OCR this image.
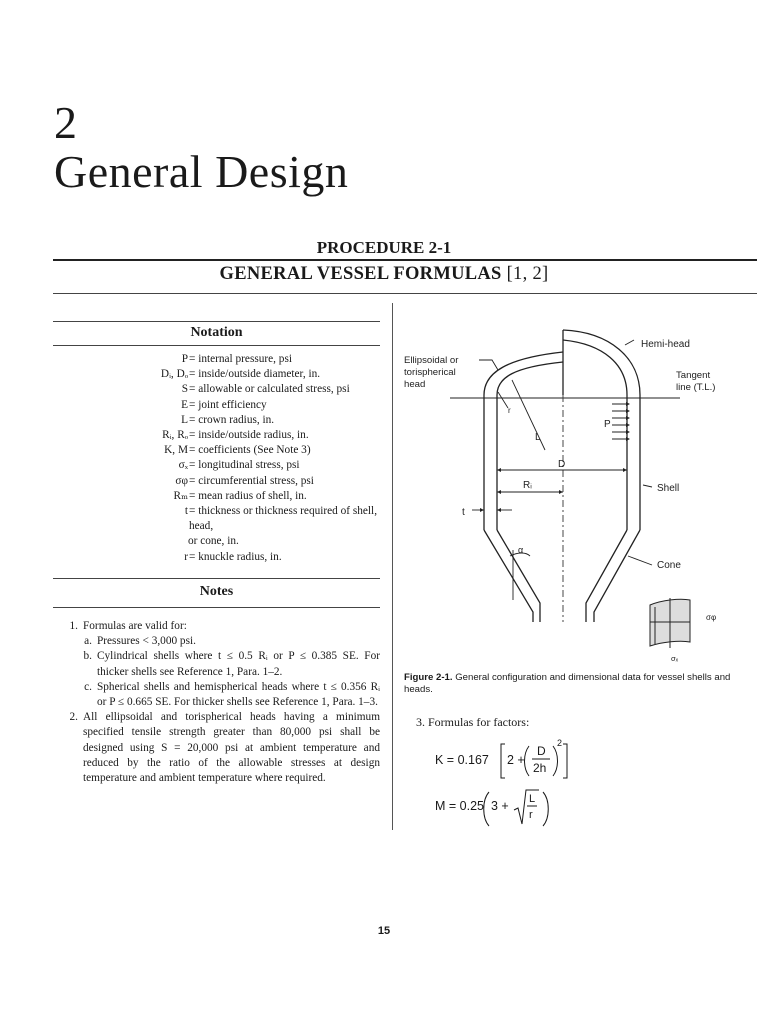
2
General Design
PROCEDURE 2-1
GENERAL VESSEL FORMULAS [1, 2]
Notation
P = internal pressure, psi
Dᵢ, Dₒ = inside/outside diameter, in.
S = allowable or calculated stress, psi
E = joint efficiency
L = crown radius, in.
Rᵢ, Rₒ = inside/outside radius, in.
K, M = coefficients (See Note 3)
σₓ = longitudinal stress, psi
σφ = circumferential stress, psi
Rₘ = mean radius of shell, in.
t = thickness or thickness required of shell, head,
or cone, in.
r = knuckle radius, in.
Notes
1. Formulas are valid for:
a. Pressures < 3,000 psi.
b. Cylindrical shells where t ≤ 0.5 Rᵢ or P ≤ 0.385 SE. For thicker shells see Reference 1, Para. 1–2.
c. Spherical shells and hemispherical heads where t ≤ 0.356 Rᵢ or P ≤ 0.665 SE. For thicker shells see Reference 1, Para. 1–3.
2. All ellipsoidal and torispherical heads having a minimum specified tensile strength greater than 80,000 psi shall be designed using S = 20,000 psi at ambient temperature and reduced by the ratio of the allowable stresses at design temperature and ambient temperature where required.
Ellipsoidal or
torispherical
head
Hemi-head
Tangent
line (T.L.)
Shell
Cone
P
L
D
Rᵢ
t
r
α
σφ
σₓ
Figure 2-1. General configuration and dimensional data for vessel shells and heads.
3. Formulas for factors:
K = 0.167 2 +
D
2h
2
M = 0.25 3 + L
r
15
